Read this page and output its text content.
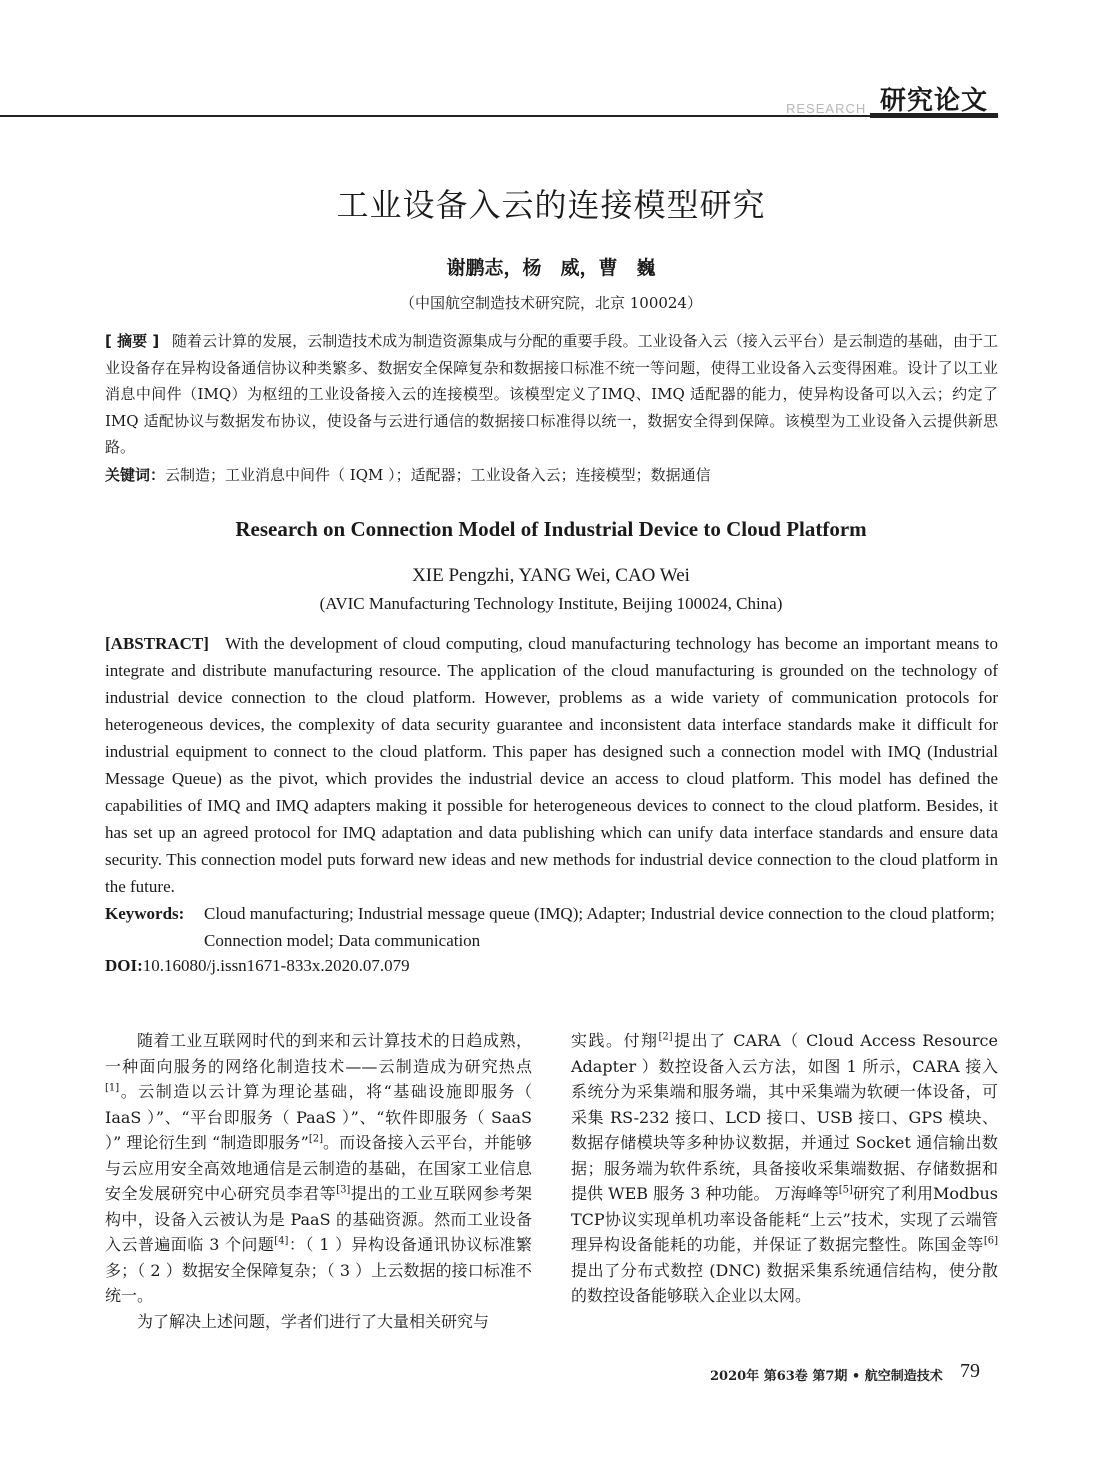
RESEARCH 研究论文
工业设备入云的连接模型研究
谢鹏志，杨　威，曹　巍
（中国航空制造技术研究院，北京 100024）
[ 摘要 ] 随着云计算的发展，云制造技术成为制造资源集成与分配的重要手段。工业设备入云（接入云平台）是云制造的基础，由于工业设备存在异构设备通信协议种类繁多、数据安全保障复杂和数据接口标准不统一等问题，使得工业设备入云变得困难。设计了以工业消息中间件（IMQ）为枢纽的工业设备接入云的连接模型。该模型定义了IMQ、IMQ 适配器的能力，使异构设备可以入云；约定了 IMQ 适配协议与数据发布协议，使设备与云进行通信的数据接口标准得以统一，数据安全得到保障。该模型为工业设备入云提供新思路。
关键词：云制造；工业消息中间件（ IQM ）；适配器；工业设备入云；连接模型；数据通信
Research on Connection Model of Industrial Device to Cloud Platform
XIE Pengzhi, YANG Wei, CAO Wei
(AVIC Manufacturing Technology Institute, Beijing 100024, China)
[ABSTRACT] With the development of cloud computing, cloud manufacturing technology has become an important means to integrate and distribute manufacturing resource. The application of the cloud manufacturing is grounded on the technology of industrial device connection to the cloud platform. However, problems as a wide variety of communication protocols for heterogeneous devices, the complexity of data security guarantee and inconsistent data interface standards make it difficult for industrial equipment to connect to the cloud platform. This paper has designed such a connection model with IMQ (Industrial Message Queue) as the pivot, which provides the industrial device an access to cloud platform. This model has defined the capabilities of IMQ and IMQ adapters making it possible for heterogeneous devices to connect to the cloud platform. Besides, it has set up an agreed protocol for IMQ adaptation and data publishing which can unify data interface standards and ensure data security. This connection model puts forward new ideas and new methods for industrial device connection to the cloud platform in the future.
Keywords: Cloud manufacturing; Industrial message queue (IMQ); Adapter; Industrial device connection to the cloud platform; Connection model; Data communication
DOI:10.16080/j.issn1671-833x.2020.07.079

随着工业互联网时代的到来和云计算技术的日趋成熟，一种面向服务的网络化制造技术——云制造成为研究热点[1]。云制造以云计算为理论基础，将“基础设施即服务（ IaaS ）”、“平台即服务（ PaaS ）”、“软件即服务（ SaaS ）” 理论衍生到 “制造即服务”[2]。而设备接入云平台，并能够与云应用安全高效地通信是云制造的基础，在国家工业信息安全发展研究中心研究员李君等[3]提出的工业互联网参考架构中，设备入云被认为是 PaaS 的基础资源。然而工业设备入云普遍面临 3 个问题[4]：（ 1 ）异构设备通讯协议标准繁多；（ 2 ）数据安全保障复杂；（ 3 ）上云数据的接口标准不统一。

为了解决上述问题，学者们进行了大量相关研究与

实践。付翔[2]提出了 CARA（ Cloud Access Resource Adapter ）数控设备入云方法，如图 1 所示，CARA 接入系统分为采集端和服务端，其中采集端为软硬一体设备，可采集 RS-232 接口、LCD 接口、USB 接口、GPS 模块、数据存储模块等多种协议数据，并通过 Socket 通信输出数据；服务端为软件系统，具备接收采集端数据、存储数据和提供 WEB 服务 3 种功能。 万海峰等[5]研究了利用Modbus TCP协议实现单机功率设备能耗“上云”技术，实现了云端管理异构设备能耗的功能，并保证了数据完整性。陈国金等[6]提出了分布式数控 (DNC) 数据采集系统通信结构，使分散的数控设备能够联入企业以太网。

2020年 第63卷 第7期 • 航空制造技术 79
